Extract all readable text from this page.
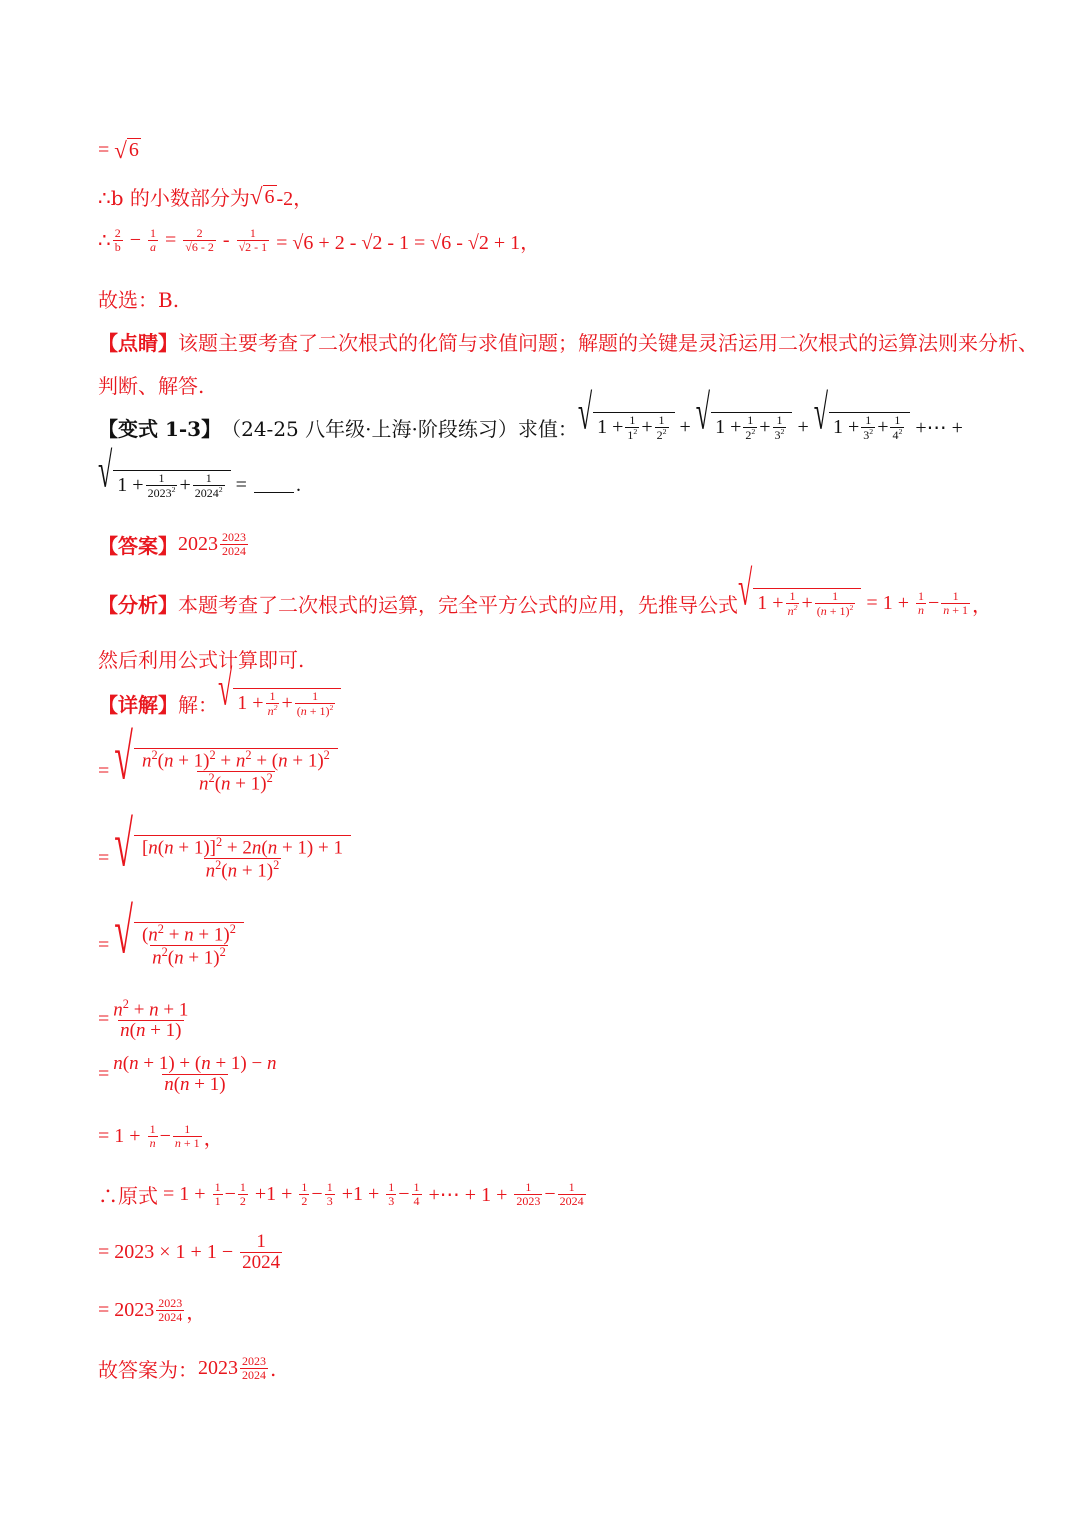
= √ 6
∴b 的小数部分为 √ 6 -2，
∴ $\frac{2}{b} - \frac{1}{a} = \frac{2}{√6 - 2} - \frac{1}{√2 - 1}$
= √6 + 2 - √2 - 1 = √6 - √2 + 1，
故选：B.
【点睛】 该题主要考查了二次根式的化简与求值问题；解题的关键是灵活运用二次根式的运算法则来分析、
判断、解答.
【变式 1-3】 （24-25 八年级·上海·阶段练习）求值： √ $1 + \frac{1}{1^2} + \frac{1}{2^2}$ + √ $1 + \frac{1}{2^2} + \frac{1}{3^2}$ + √ $1 + \frac{1}{3^2} + \frac{1}{4^2}$ +⋯ +
√ $1 + \frac{1}{2023^2} + \frac{1}{2024^2}$ = .
【答案】 $2023 \frac{2023}{2024}$
【分析】 本题考查了二次根式的运算，完全平方公式的应用，先推导公式 √ $1 + \frac{1}{n^2} + \frac{1}{(n + 1)^2} = 1 + \frac{1}{n} - \frac{1}{n + 1}$ ，
然后利用公式计算即可.
【详解】 解： √ $1 + \frac{1}{n^2} + \frac{1}{(n + 1)^2}$
= √ $\frac{n^2(n + 1)^2 + n^2 + (n + 1)^2}{n^2(n + 1)^2}$
= √ $\frac{[n(n + 1)]^2 + 2n(n + 1) + 1}{n^2(n + 1)^2}$
= √ $\frac{(n^2 + n + 1)^2}{n^2(n + 1)^2}$
= $\frac{n^2 + n + 1}{n(n + 1)}$
= $\frac{n(n + 1) + (n + 1) - n}{n(n + 1)}$
= $1 + \frac{1}{n} - \frac{1}{n + 1}$ ，
∴原式 = $1 + \frac{1}{1} - \frac{1}{2} +1 + \frac{1}{2} - \frac{1}{3} +1 + \frac{1}{3} - \frac{1}{4}$ +⋯ + $1 + \frac{1}{2023} - \frac{1}{2024}$
= $2023 \times 1 + 1 - \frac{1}{2024}$
= $2023 \frac{2023}{2024}$ ，
故答案为： $2023 \frac{2023}{2024}$ .
